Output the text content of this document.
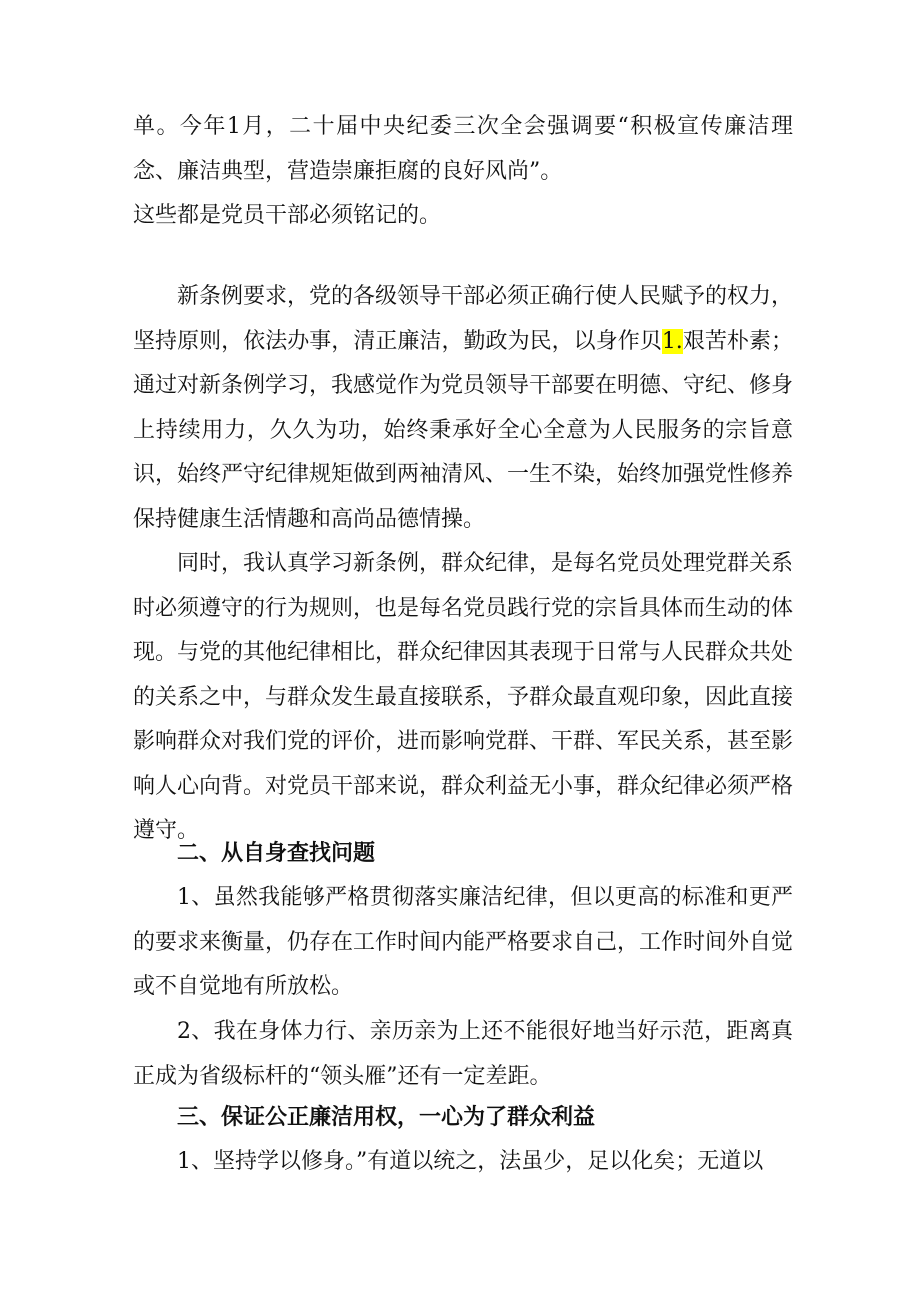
单。今年1月，二十届中央纪委三次全会强调要“积极宣传廉洁理念、廉洁典型，营造崇廉拒腐的良好风尚”。

这些都是党员干部必须铭记的。

新条例要求，党的各级领导干部必须正确行使人民赋予的权力，坚持原则，依法办事，清正廉洁，勤政为民，以身作贝1.艰苦朴素；通过对新条例学习，我感觉作为党员领导干部要在明德、守纪、修身上持续用力，久久为功，始终秉承好全心全意为人民服务的宗旨意识，始终严守纪律规矩做到两袖清风、一生不染，始终加强党性修养保持健康生活情趣和高尚品德情操。

同时，我认真学习新条例，群众纪律，是每名党员处理党群关系时必须遵守的行为规则，也是每名党员践行党的宗旨具体而生动的体现。与党的其他纪律相比，群众纪律因其表现于日常与人民群众共处的关系之中，与群众发生最直接联系，予群众最直观印象，因此直接影响群众对我们党的评价，进而影响党群、干群、军民关系，甚至影响人心向背。对党员干部来说，群众利益无小事，群众纪律必须严格遵守。

二、从自身查找问题

1、虽然我能够严格贯彻落实廉洁纪律，但以更高的标准和更严的要求来衡量，仍存在工作时间内能严格要求自己，工作时间外自觉或不自觉地有所放松。

2、我在身体力行、亲历亲为上还不能很好地当好示范，距离真正成为省级标杆的“领头雁”还有一定差距。

三、保证公正廉洁用权，一心为了群众利益

1、坚持学以修身。”有道以统之，法虽少，足以化矣；无道以
